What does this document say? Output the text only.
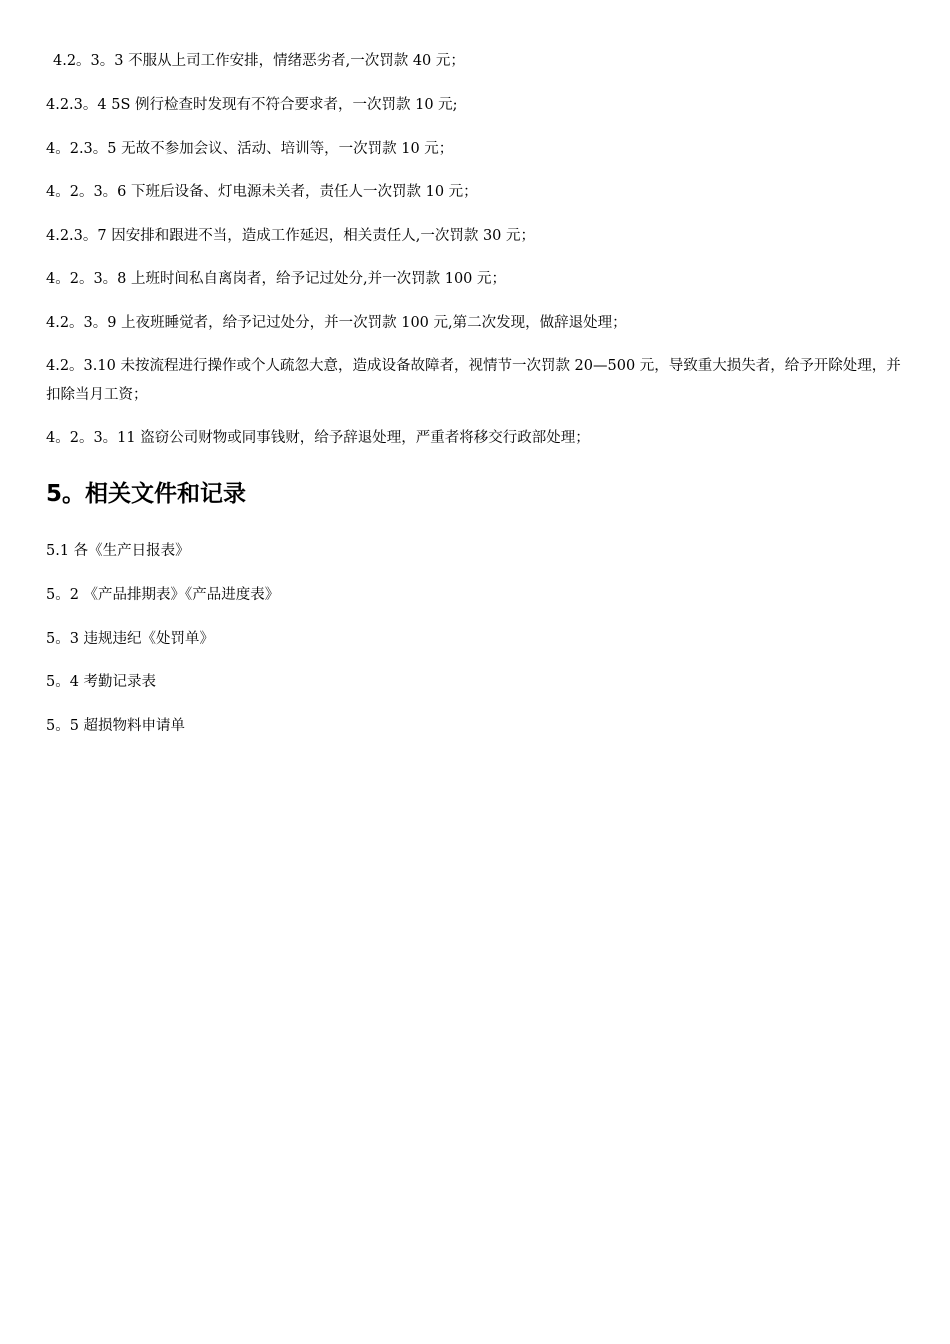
4.2。3。3 不服从上司工作安排，情绪恶劣者,一次罚款 40 元；

4.2.3。4 5S 例行检查时发现有不符合要求者，一次罚款 10 元;

4。2.3。5 无故不参加会议、活动、培训等，一次罚款 10 元；

4。2。3。6 下班后设备、灯电源未关者，责任人一次罚款 10 元；

4.2.3。7 因安排和跟进不当，造成工作延迟，相关责任人,一次罚款 30 元；

4。2。3。8 上班时间私自离岗者，给予记过处分,并一次罚款 100 元；

4.2。3。9 上夜班睡觉者，给予记过处分，并一次罚款 100 元,第二次发现，做辞退处理；

4.2。3.10 未按流程进行操作或个人疏忽大意，造成设备故障者，视情节一次罚款 20—500 元，导致重大损失者，给予开除处理，并扣除当月工资；

4。2。3。11 盗窃公司财物或同事钱财，给予辞退处理，严重者将移交行政部处理；

5。相关文件和记录

5.1 各《生产日报表》

5。2 《产品排期表》《产品进度表》

5。3 违规违纪《处罚单》

5。4 考勤记录表

5。5 超损物料申请单
